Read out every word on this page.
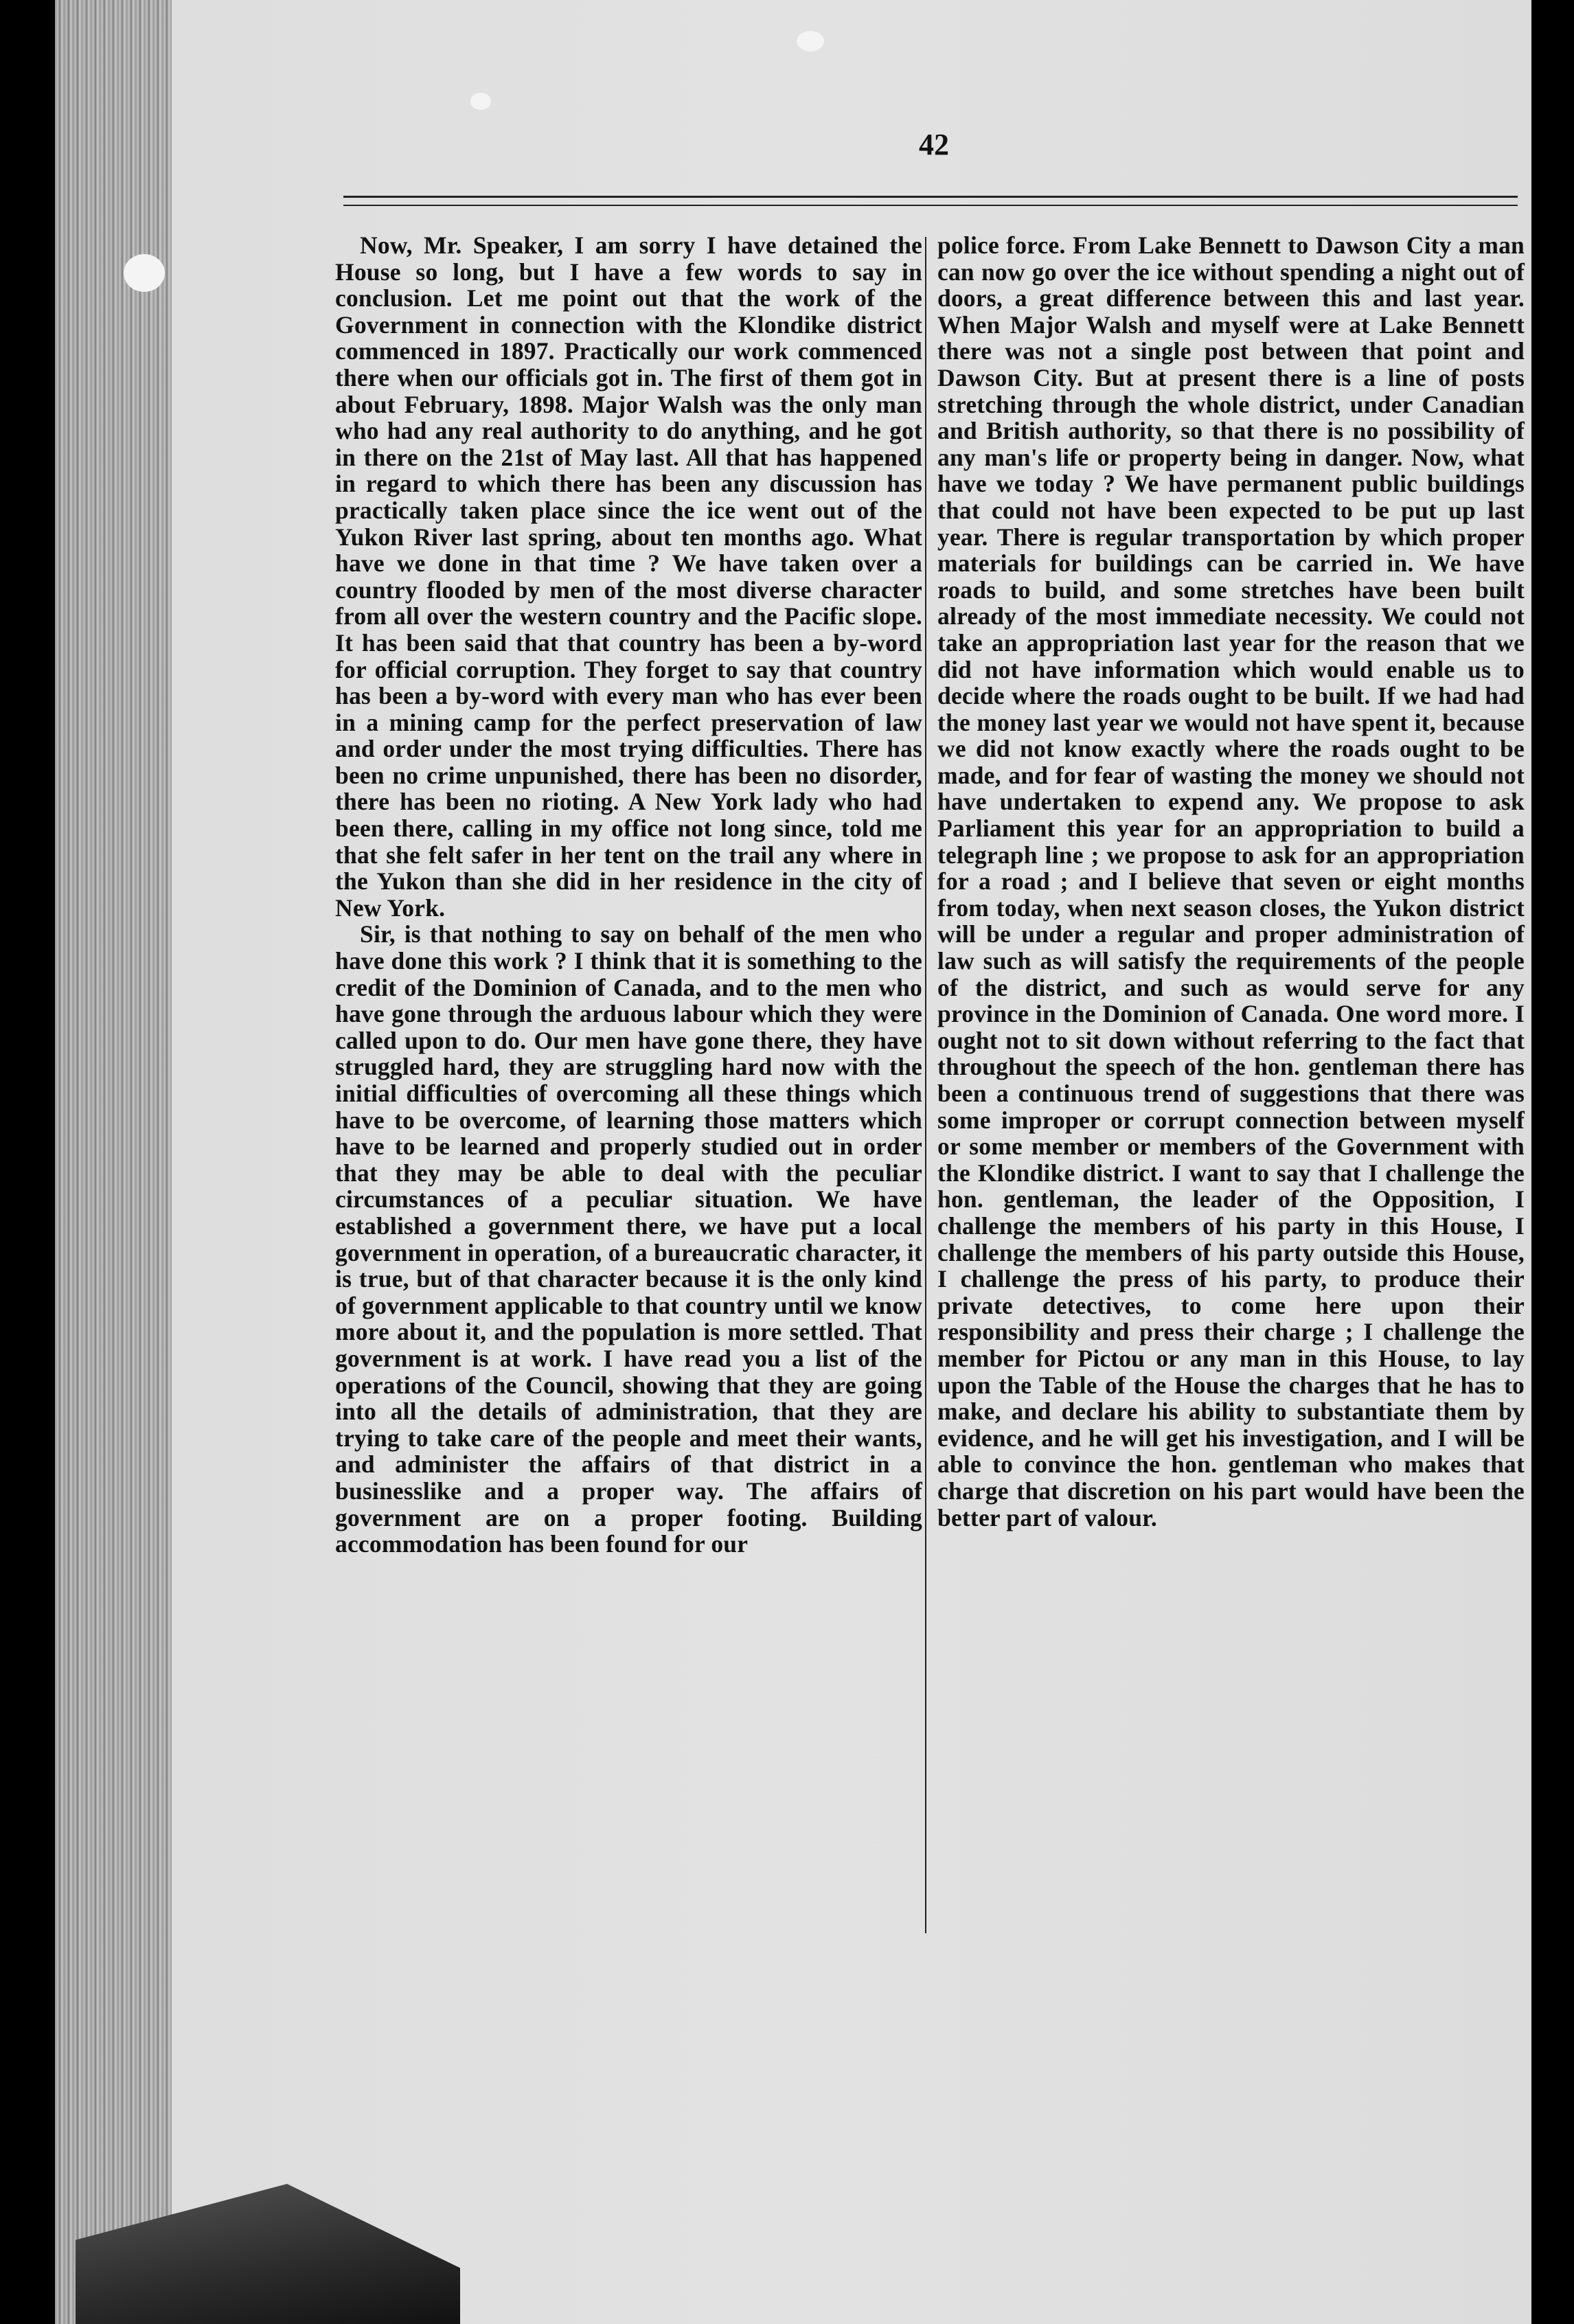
42

Now, Mr. Speaker, I am sorry I have detained the House so long, but I have a few words to say in conclusion. Let me point out that the work of the Government in connection with the Klondike district commenced in 1897. Practically our work commenced there when our officials got in. The first of them got in about February, 1898. Major Walsh was the only man who had any real authority to do anything, and he got in there on the 21st of May last. All that has happened in regard to which there has been any discussion has practically taken place since the ice went out of the Yukon River last spring, about ten months ago. What have we done in that time ? We have taken over a country flooded by men of the most diverse character from all over the western country and the Pacific slope. It has been said that that country has been a by-word for official corruption. They forget to say that country has been a by-word with every man who has ever been in a mining camp for the perfect preservation of law and order under the most trying difficulties. There has been no crime unpunished, there has been no disorder, there has been no rioting. A New York lady who had been there, calling in my office not long since, told me that she felt safer in her tent on the trail any where in the Yukon than she did in her residence in the city of New York.

Sir, is that nothing to say on behalf of the men who have done this work ? I think that it is something to the credit of the Dominion of Canada, and to the men who have gone through the arduous labour which they were called upon to do. Our men have gone there, they have struggled hard, they are struggling hard now with the initial difficulties of overcoming all these things which have to be overcome, of learning those matters which have to be learned and properly studied out in order that they may be able to deal with the peculiar circumstances of a peculiar situation. We have established a government there, we have put a local government in operation, of a bureaucratic character, it is true, but of that character because it is the only kind of government applicable to that country until we know more about it, and the population is more settled. That government is at work. I have read you a list of the operations of the Council, showing that they are going into all the details of administration, that they are trying to take care of the people and meet their wants, and administer the affairs of that district in a businesslike and a proper way. The affairs of government are on a proper footing. Building accommodation has been found for our

police force. From Lake Bennett to Dawson City a man can now go over the ice without spending a night out of doors, a great difference between this and last year. When Major Walsh and myself were at Lake Bennett there was not a single post between that point and Dawson City. But at present there is a line of posts stretching through the whole district, under Canadian and British authority, so that there is no possibility of any man's life or property being in danger. Now, what have we today ? We have permanent public buildings that could not have been expected to be put up last year. There is regular transportation by which proper materials for buildings can be carried in. We have roads to build, and some stretches have been built already of the most immediate necessity. We could not take an appropriation last year for the reason that we did not have information which would enable us to decide where the roads ought to be built. If we had had the money last year we would not have spent it, because we did not know exactly where the roads ought to be made, and for fear of wasting the money we should not have undertaken to expend any. We propose to ask Parliament this year for an appropriation to build a telegraph line ; we propose to ask for an appropriation for a road ; and I believe that seven or eight months from today, when next season closes, the Yukon district will be under a regular and proper administration of law such as will satisfy the requirements of the people of the district, and such as would serve for any province in the Dominion of Canada. One word more. I ought not to sit down without referring to the fact that throughout the speech of the hon. gentleman there has been a continuous trend of suggestions that there was some improper or corrupt connection between myself or some member or members of the Government with the Klondike district. I want to say that I challenge the hon. gentleman, the leader of the Opposition, I challenge the members of his party in this House, I challenge the members of his party outside this House, I challenge the press of his party, to produce their private detectives, to come here upon their responsibility and press their charge ; I challenge the member for Pictou or any man in this House, to lay upon the Table of the House the charges that he has to make, and declare his ability to substantiate them by evidence, and he will get his investigation, and I will be able to convince the hon. gentleman who makes that charge that discretion on his part would have been the better part of valour.
